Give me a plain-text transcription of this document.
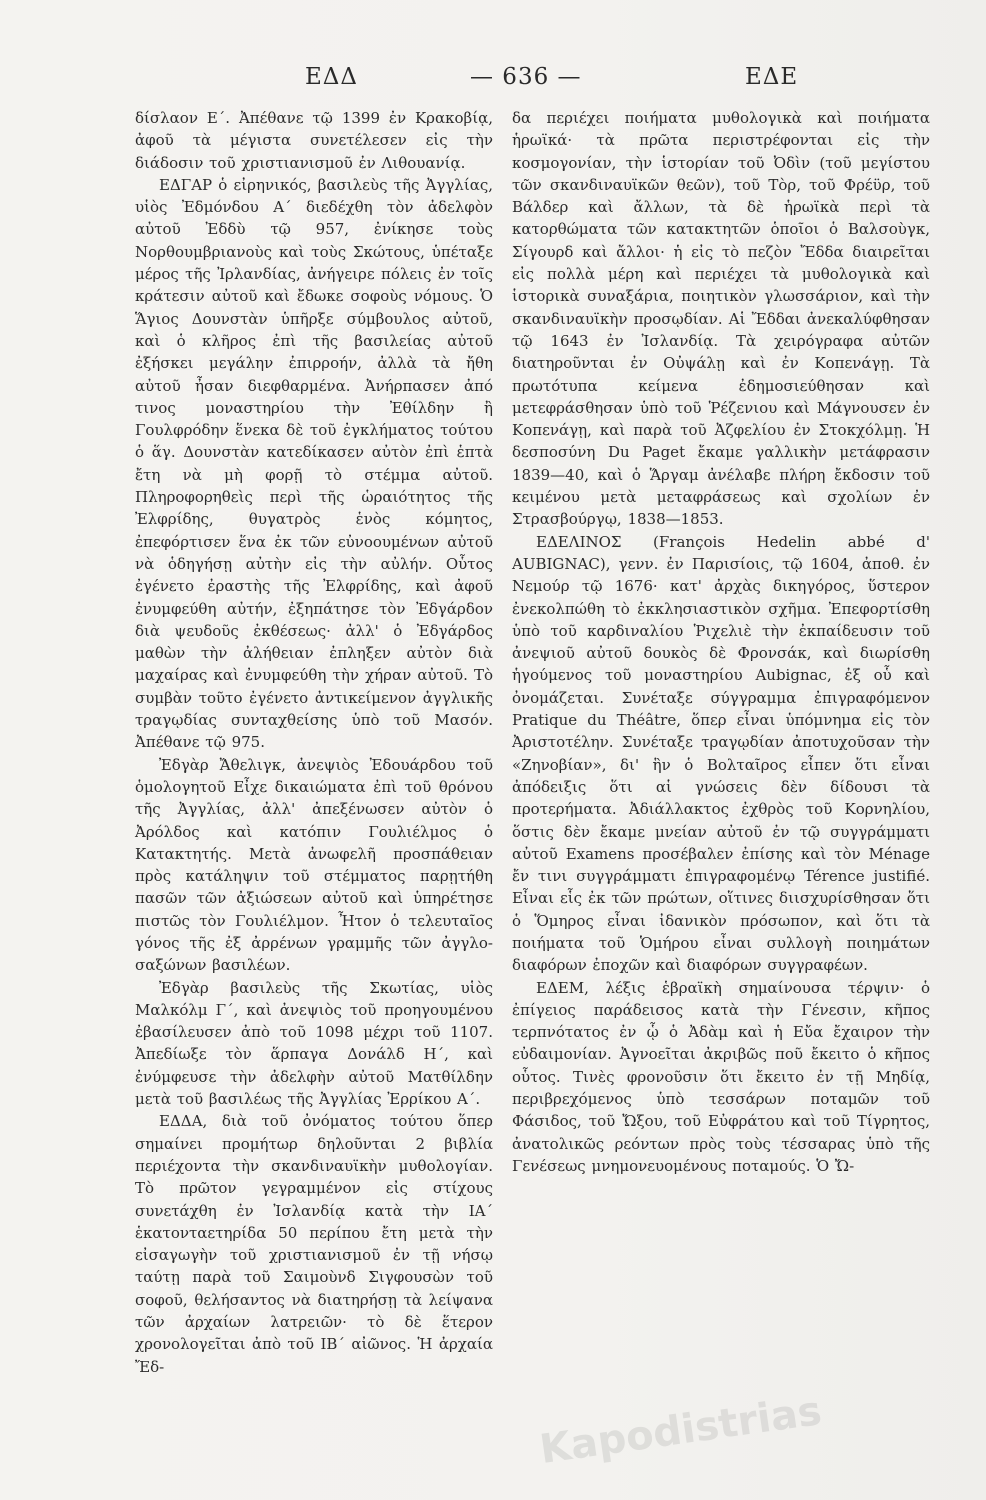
ΕΔΔ	— 636 —	ΕΔΕ

δίσλαον Ε΄. Ἀπέθανε τῷ 1399 ἐν Κρακοβίᾳ, ἀφοῦ τὰ μέγιστα συνετέλεσεν εἰς τὴν διάδοσιν τοῦ χριστιανισμοῦ ἐν Λιθουανίᾳ.

ΕΔΓΑΡ ὁ εἰρηνικός, βασιλεὺς τῆς Ἀγγλίας, υἱὸς Ἐδμόνδου Α΄ διεδέχθη τὸν ἀδελφὸν αὐτοῦ Ἐδδὺ τῷ 957, ἐνίκησε τοὺς Νορθουμβριανοὺς καὶ τοὺς Σκώτους, ὑπέταξε μέρος τῆς Ἰρλανδίας, ἀνήγειρε πόλεις ἐν τοῖς κράτεσιν αὐτοῦ καὶ ἔδωκε σοφοὺς νόμους. Ὁ Ἅγιος Δουνστὰν ὑπῆρξε σύμβουλος αὐτοῦ, καὶ ὁ κλῆρος ἐπὶ τῆς βασιλείας αὐτοῦ ἐξήσκει μεγάλην ἐπιρροήν, ἀλλὰ τὰ ἤθη αὐτοῦ ἦσαν διεφθαρμένα. Ἀνήρπασεν ἀπό τινος μοναστηρίου τὴν Ἐθίλδην ἢ Γουλφρόδην ἕνεκα δὲ τοῦ ἐγκλήματος τούτου ὁ ἅγ. Δουνστὰν κατεδίκασεν αὐτὸν ἐπὶ ἑπτὰ ἔτη νὰ μὴ φορῇ τὸ στέμμα αὐτοῦ. Πληροφορηθεὶς περὶ τῆς ὡραιότητος τῆς Ἐλφρίδης, θυγατρὸς ἑνὸς κόμητος, ἐπεφόρτισεν ἕνα ἐκ τῶν εὐνοουμένων αὐτοῦ νὰ ὁδηγήσῃ αὐτὴν εἰς τὴν αὐλήν. Οὗτος ἐγένετο ἐραστὴς τῆς Ἐλφρίδης, καὶ ἀφοῦ ἐνυμφεύθη αὐτήν, ἐξηπάτησε τὸν Ἐδγάρδον διὰ ψευδοῦς ἐκθέσεως· ἀλλ' ὁ Ἐδγάρδος μαθὼν τὴν ἀλήθειαν ἐπληξεν αὐτὸν διὰ μαχαίρας καὶ ἐνυμφεύθη τὴν χήραν αὐτοῦ. Τὸ συμβὰν τοῦτο ἐγένετο ἀντικείμενον ἀγγλικῆς τραγῳδίας συνταχθείσης ὑπὸ τοῦ Μασόν. Ἀπέθανε τῷ 975.

Ἐδγὰρ Ἄθελιγκ, ἀνεψιὸς Ἐδουάρδου τοῦ ὁμολογητοῦ Εἶχε δικαιώματα ἐπὶ τοῦ θρόνου τῆς Ἀγγλίας, ἀλλ' ἀπεξένωσεν αὐτὸν ὁ Ἀρόλδος καὶ κατόπιν Γουλιέλμος ὁ Κατακτητής. Μετὰ ἀνωφελῆ προσπάθειαν πρὸς κατάληψιν τοῦ στέμματος παρῃτήθη πασῶν τῶν ἀξιώσεων αὐτοῦ καὶ ὑπηρέτησε πιστῶς τὸν Γουλιέλμον. Ἦτον ὁ τελευταῖος γόνος τῆς ἐξ ἀρρένων γραμμῆς τῶν ἀγγλο-σαξώνων βασιλέων.

Ἐδγὰρ βασιλεὺς τῆς Σκωτίας, υἱὸς Μαλκόλμ Γ΄, καὶ ἀνεψιὸς τοῦ προηγουμένου ἐβασίλευσεν ἀπὸ τοῦ 1098 μέχρι τοῦ 1107. Ἀπεδίωξε τὸν ἅρπαγα Δονάλδ Η΄, καὶ ἐνύμφευσε τὴν ἀδελφὴν αὐτοῦ Ματθίλδην μετὰ τοῦ βασιλέως τῆς Ἀγγλίας Ἐρρίκου Α΄.

ΕΔΔΑ, διὰ τοῦ ὀνόματος τούτου ὅπερ σημαίνει προμήτωρ δηλοῦνται 2 βιβλία περιέχοντα τὴν σκανδιναυϊκὴν μυθολογίαν. Τὸ πρῶτον γεγραμμένον εἰς στίχους συνετάχθη ἐν Ἰσλανδίᾳ κατὰ τὴν ΙΑ΄ ἑκατονταετηρίδα 50 περίπου ἔτη μετὰ τὴν εἰσαγωγὴν τοῦ χριστιανισμοῦ ἐν τῇ νήσῳ ταύτῃ παρὰ τοῦ Σαιμοὺνδ Σιγφουσὼν τοῦ σοφοῦ, θελήσαντος νὰ διατηρήσῃ τὰ λείψανα τῶν ἀρχαίων λατρειῶν· τὸ δὲ ἕτερον χρονολογεῖται ἀπὸ τοῦ ΙΒ΄ αἰῶνος. Ἡ ἀρχαία Ἔδ-

δα περιέχει ποιήματα μυθολογικὰ καὶ ποιήματα ἡρωϊκά· τὰ πρῶτα περιστρέφονται εἰς τὴν κοσμογονίαν, τὴν ἱστορίαν τοῦ Ὀδὶν (τοῦ μεγίστου τῶν σκανδιναυϊκῶν θεῶν), τοῦ Τὸρ, τοῦ Φρέϋρ, τοῦ Βάλδερ καὶ ἄλλων, τὰ δὲ ἡρωϊκὰ περὶ τὰ κατορθώματα τῶν κατακτητῶν ὁποῖοι ὁ Βαλσοὺγκ, Σίγουρδ καὶ ἄλλοι· ἡ εἰς τὸ πεζὸν Ἔδδα διαιρεῖται εἰς πολλὰ μέρη καὶ περιέχει τὰ μυθολογικὰ καὶ ἱστορικὰ συναξάρια, ποιητικὸν γλωσσάριον, καὶ τὴν σκανδιναυϊκὴν προσῳδίαν. Αἱ Ἔδδαι ἀνεκαλύφθησαν τῷ 1643 ἐν Ἰσλανδίᾳ. Τὰ χειρόγραφα αὐτῶν διατηροῦνται ἐν Οὐψάλῃ καὶ ἐν Κοπενάγῃ. Τὰ πρωτότυπα κείμενα ἐδημοσιεύθησαν καὶ μετεφράσθησαν ὑπὸ τοῦ Ῥέζενιου καὶ Μάγνουσεν ἐν Κοπενάγῃ, καὶ παρὰ τοῦ Ἀζφελίου ἐν Στοκχόλμῃ. Ἡ δεσποσύνη Du Paget ἔκαμε γαλλικὴν μετάφρασιν 1839—40, καὶ ὁ Ἅργαμ ἀνέλαβε πλήρη ἔκδοσιν τοῦ κειμένου μετὰ μεταφράσεως καὶ σχολίων ἐν Στρασβούργῳ, 1838—1853.

ΕΔΕΛΙΝΟΣ (François Hedelin abbé d' AUBIGNAC), γενν. ἐν Παρισίοις, τῷ 1604, ἀποθ. ἐν Νεμούρ τῷ 1676· κατ' ἀρχὰς δικηγόρος, ὕστερον ἐνεκολπώθη τὸ ἐκκλησιαστικὸν σχῆμα. Ἐπεφορτίσθη ὑπὸ τοῦ καρδιναλίου Ῥιχελιὲ τὴν ἐκπαίδευσιν τοῦ ἀνεψιοῦ αὐτοῦ δουκὸς δὲ Φρονσάκ, καὶ διωρίσθη ἡγούμενος τοῦ μοναστηρίου Aubignac, ἐξ οὗ καὶ ὀνομάζεται. Συνέταξε σύγγραμμα ἐπιγραφόμενον Pratique du Théâtre, ὅπερ εἶναι ὑπόμνημα εἰς τὸν Ἀριστοτέλην. Συνέταξε τραγῳδίαν ἀποτυχοῦσαν τὴν «Ζηνοβίαν», δι' ἣν ὁ Βολταῖρος εἶπεν ὅτι εἶναι ἀπόδειξις ὅτι αἱ γνώσεις δὲν δίδουσι τὰ προτερήματα. Ἀδιάλλακτος ἐχθρὸς τοῦ Κορνηλίου, ὅστις δὲν ἔκαμε μνείαν αὐτοῦ ἐν τῷ συγγράμματι αὐτοῦ Examens προσέβαλεν ἐπίσης καὶ τὸν Ménage ἔν τινι συγγράμματι ἐπιγραφομένῳ Térence justifié. Εἶναι εἷς ἐκ τῶν πρώτων, οἵτινες διισχυρίσθησαν ὅτι ὁ Ὅμηρος εἶναι ἰδανικὸν πρόσωπον, καὶ ὅτι τὰ ποιήματα τοῦ Ὁμήρου εἶναι συλλογὴ ποιημάτων διαφόρων ἐποχῶν καὶ διαφόρων συγγραφέων.

ΕΔΕΜ, λέξις ἑβραϊκὴ σημαίνουσα τέρψιν· ὁ ἐπίγειος παράδεισος κατὰ τὴν Γένεσιν, κῆπος τερπνότατος ἐν ᾧ ὁ Ἀδὰμ καὶ ἡ Εὔα ἔχαιρον τὴν εὐδαιμονίαν. Ἀγνοεῖται ἀκριβῶς ποῦ ἔκειτο ὁ κῆπος οὗτος. Τινὲς φρονοῦσιν ὅτι ἔκειτο ἐν τῇ Μηδίᾳ, περιβρεχόμενος ὑπὸ τεσσάρων ποταμῶν τοῦ Φάσιδος, τοῦ Ὤξου, τοῦ Εὐφράτου καὶ τοῦ Τίγρητος, ἀνατολικῶς ρεόντων πρὸς τοὺς τέσσαρας ὑπὸ τῆς Γενέσεως μνημονευομένους ποταμούς. Ὁ Ὤ-

Kapodistrias
